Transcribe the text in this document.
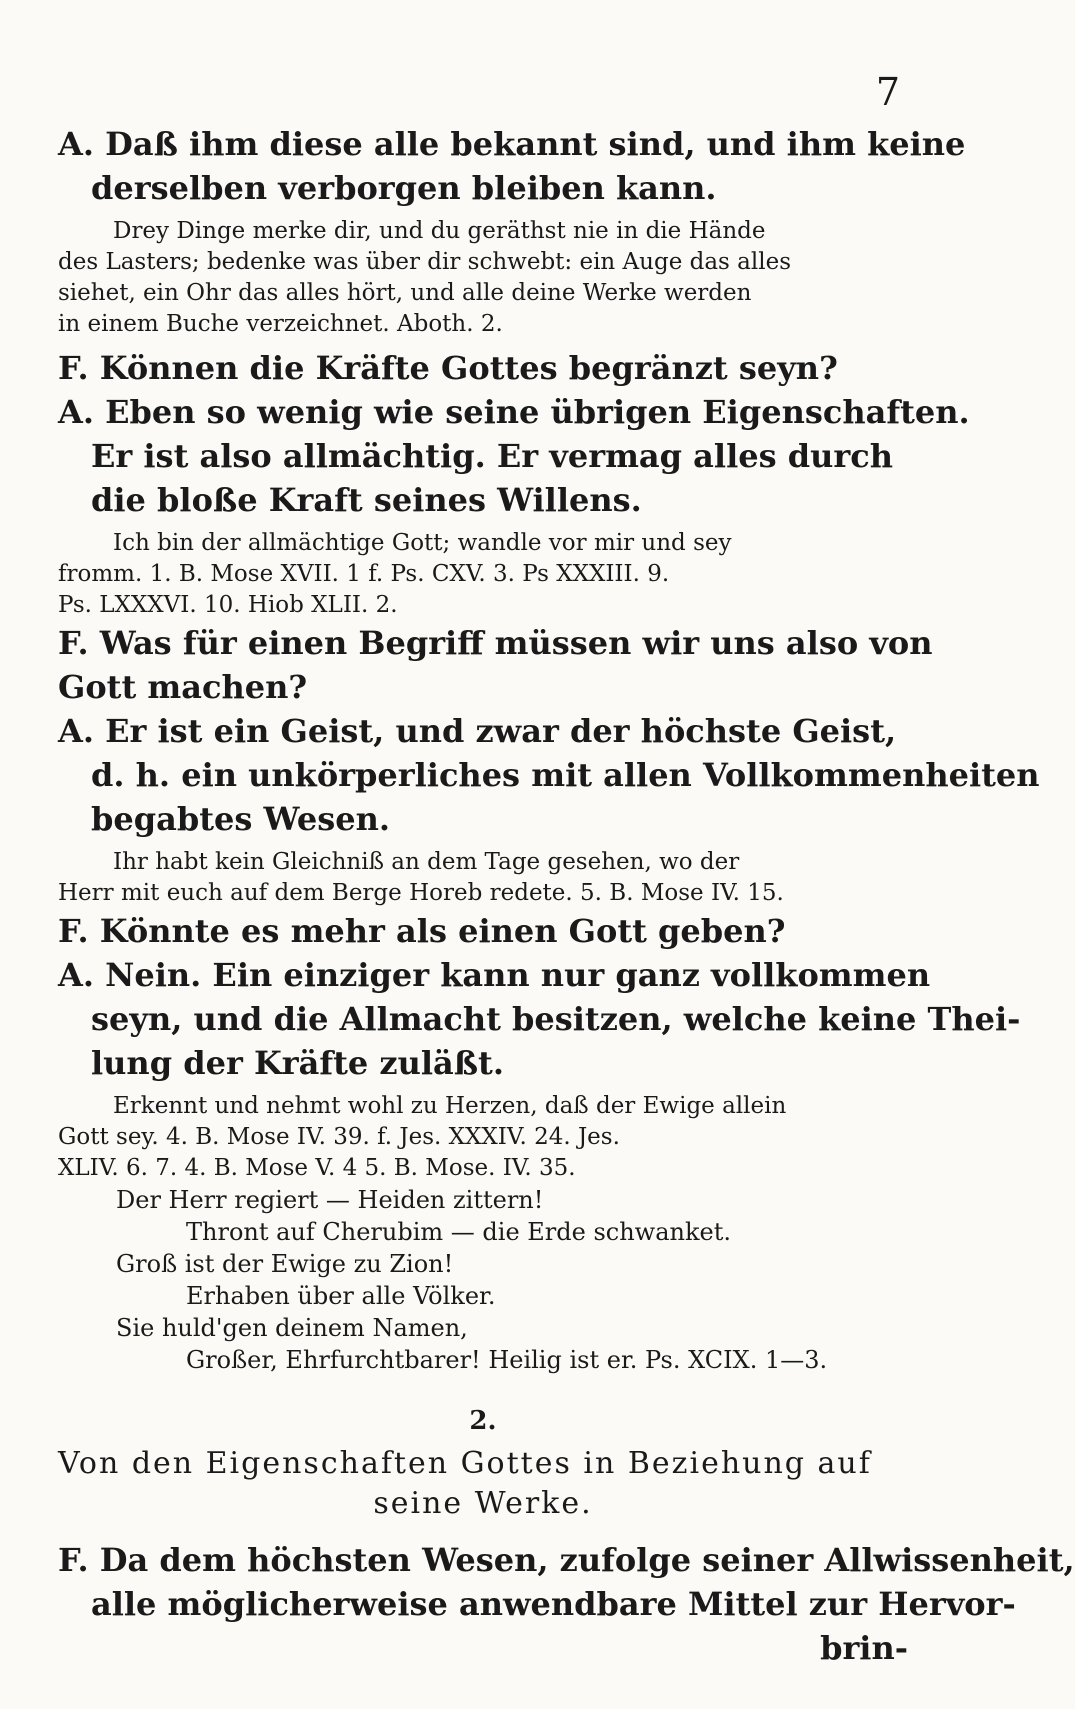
7
A. Daß ihm diese alle bekannt sind, und ihm keine
derselben verborgen bleiben kann.
Drey Dinge merke dir, und du geräthst nie in die Hände
des Lasters; bedenke was über dir schwebt: ein Auge das alles
siehet, ein Ohr das alles hört, und alle deine Werke werden
in einem Buche verzeichnet. Aboth. 2.
F. Können die Kräfte Gottes begränzt seyn?
A. Eben so wenig wie seine übrigen Eigenschaften.
Er ist also allmächtig. Er vermag alles durch
die bloße Kraft seines Willens.
Ich bin der allmächtige Gott; wandle vor mir und sey
fromm. 1. B. Mose XVII. 1 f. Ps. CXV. 3. Ps XXXIII. 9.
Ps. LXXXVI. 10. Hiob XLII. 2.
F. Was für einen Begriff müssen wir uns also von
Gott machen?
A. Er ist ein Geist, und zwar der höchste Geist,
d. h. ein unkörperliches mit allen Vollkommenheiten
begabtes Wesen.
Ihr habt kein Gleichniß an dem Tage gesehen, wo der
Herr mit euch auf dem Berge Horeb redete. 5. B. Mose IV. 15.
F. Könnte es mehr als einen Gott geben?
A. Nein. Ein einziger kann nur ganz vollkommen
seyn, und die Allmacht besitzen, welche keine Thei-
lung der Kräfte zuläßt.
Erkennt und nehmt wohl zu Herzen, daß der Ewige allein
Gott sey. 4. B. Mose IV. 39. f. Jes. XXXIV. 24. Jes.
XLIV. 6. 7. 4. B. Mose V. 4 5. B. Mose. IV. 35.
Der Herr regiert — Heiden zittern!
Thront auf Cherubim — die Erde schwanket.
Groß ist der Ewige zu Zion!
Erhaben über alle Völker.
Sie huld'gen deinem Namen,
Großer, Ehrfurchtbarer! Heilig ist er. Ps. XCIX. 1—3.
2.
Von den Eigenschaften Gottes in Beziehung auf
seine Werke.
F. Da dem höchsten Wesen, zufolge seiner Allwissenheit,
alle möglicherweise anwendbare Mittel zur Hervor-
brin-
